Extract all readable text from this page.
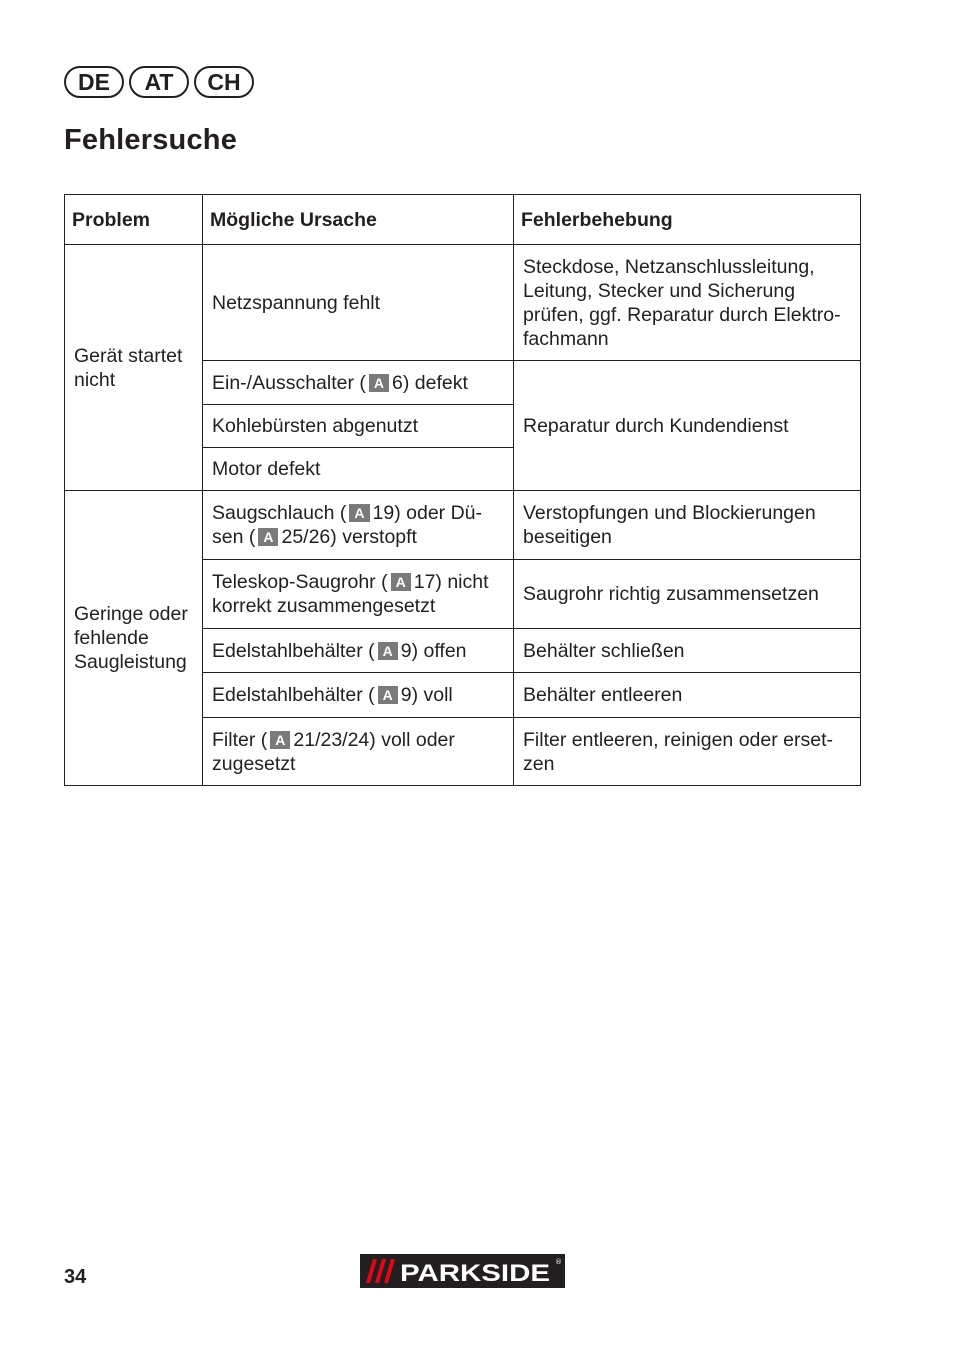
DE	AT	CH
Fehlersuche
Problem	Mögliche Ursache	Fehlerbehebung
Gerät startet nicht	Netzspannung fehlt	Steckdose, Netzanschlussleitung, Leitung, Stecker und Sicherung prüfen, ggf. Reparatur durch Elektro-fachmann
	Ein-/Ausschalter ( A 6) defekt	Reparatur durch Kundendienst
	Kohlebürsten abgenutzt	
	Motor defekt	
Geringe oder fehlende Saugleistung	Saugschlauch ( A 19) oder Dü-sen ( A 25/26) verstopft	Verstopfungen und Blockierungen beseitigen
	Teleskop-Saugrohr ( A 17) nicht korrekt zusammengesetzt	Saugrohr richtig zusammensetzen
	Edelstahlbehälter ( A 9) offen	Behälter schließen
	Edelstahlbehälter ( A 9) voll	Behälter entleeren
	Filter ( A 21/23/24) voll oder zugesetzt	Filter entleeren, reinigen oder erset-zen
34	PARKSIDE ®
